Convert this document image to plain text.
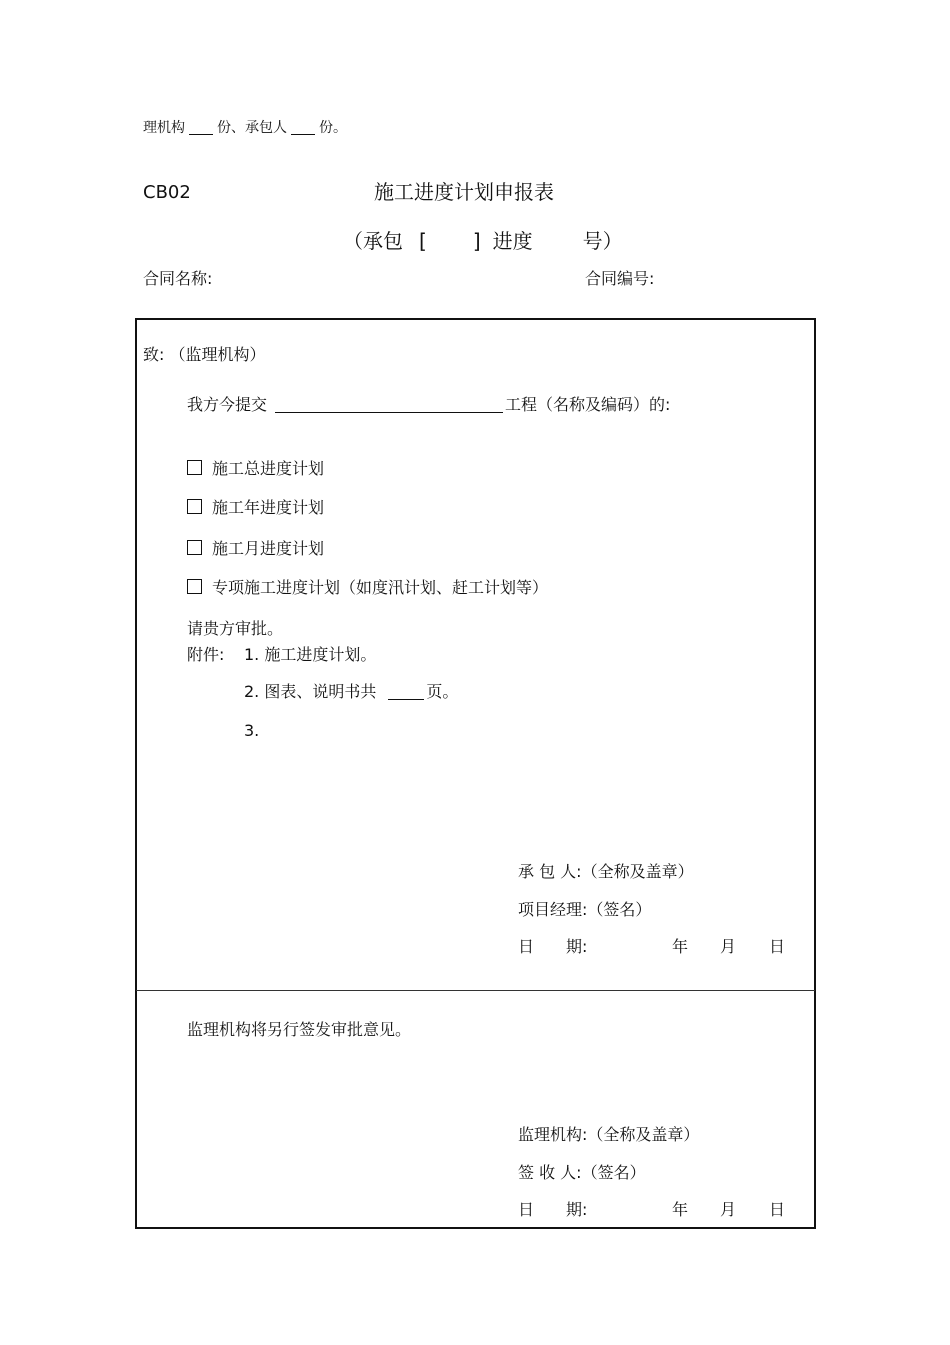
理机构 份、承包人 份。
CB02	施工进度计划申报表
（承包 [ ] 进度	号）
合同名称:	合同编号:
致: （监理机构）
我方今提交	工程（名称及编码）的:
施工总进度计划
施工年进度计划
施工月进度计划
专项施工进度计划（如度汛计划、赶工计划等）
请贵方审批。
附件: 1. 施工进度计划。
2. 图表、说明书共	页。
3.
承 包 人:（全称及盖章）
项目经理:（签名）
日　　期:	年 月 日
监理机构将另行签发审批意见。
监理机构:（全称及盖章）
签 收 人:（签名）
日　　期:	年 月 日
